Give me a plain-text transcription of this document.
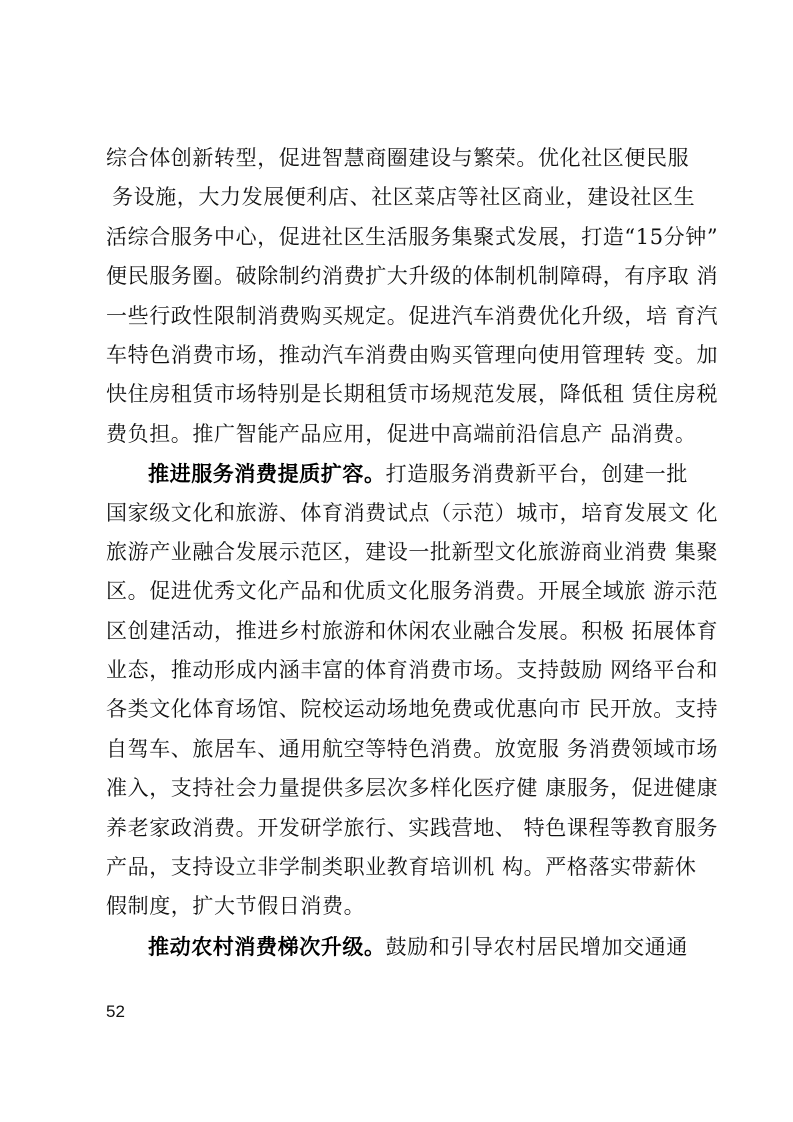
综合体创新转型，促进智慧商圈建设与繁荣。优化社区便民服
务设施，大力发展便利店、社区菜店等社区商业，建设社区生
活综合服务中心，促进社区生活服务集聚式发展，打造“15分钟”
便民服务圈。破除制约消费扩大升级的体制机制障碍，有序取 消
一些行政性限制消费购买规定。促进汽车消费优化升级，培 育汽
车特色消费市场，推动汽车消费由购买管理向使用管理转 变。加
快住房租赁市场特别是长期租赁市场规范发展，降低租 赁住房税
费负担。推广智能产品应用，促进中高端前沿信息产 品消费。
推进服务消费提质扩容。打造服务消费新平台，创建一批
国家级文化和旅游、体育消费试点（示范）城市，培育发展文 化
旅游产业融合发展示范区，建设一批新型文化旅游商业消费 集聚
区。促进优秀文化产品和优质文化服务消费。开展全域旅 游示范
区创建活动，推进乡村旅游和休闲农业融合发展。积极 拓展体育
业态，推动形成内涵丰富的体育消费市场。支持鼓励 网络平台和
各类文化体育场馆、院校运动场地免费或优惠向市 民开放。支持
自驾车、旅居车、通用航空等特色消费。放宽服 务消费领域市场
准入，支持社会力量提供多层次多样化医疗健 康服务，促进健康
养老家政消费。开发研学旅行、实践营地、 特色课程等教育服务
产品，支持设立非学制类职业教育培训机 构。严格落实带薪休
假制度，扩大节假日消费。
推动农村消费梯次升级。鼓励和引导农村居民增加交通通
52
